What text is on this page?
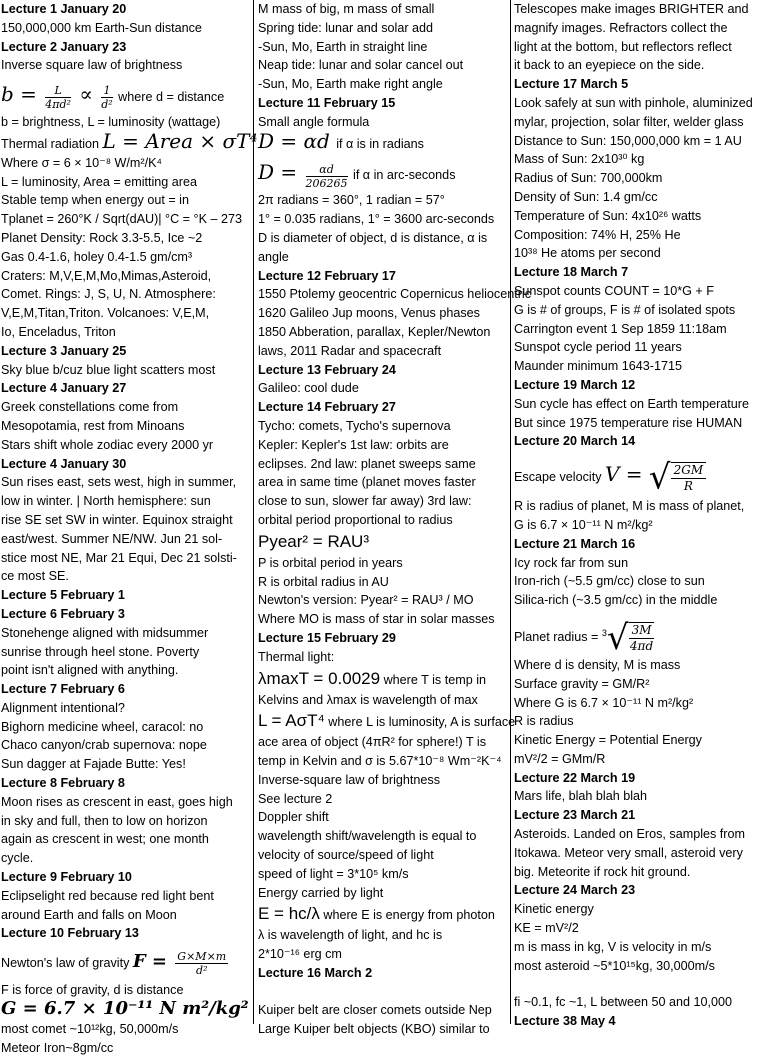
Lecture 1 January 20
150,000,000 km Earth-Sun distance
Lecture 2 January 23
Inverse square law of brightness
$b = \frac{L}{\text{4πd²}} \propto \frac{1}{\text{d²}}$ where d = distance
b = brightness, L = luminosity (wattage)
Thermal radiation L = Area × σT⁴
Where σ = 6 × 10⁻⁸ W/m²/K⁴
L = luminosity, Area = emitting area
Stable temp when energy out = in
Tplanet = 260°K / Sqrt(dAU)| °C = °K – 273
Planet Density: Rock 3.3-5.5, Ice ~2
Gas 0.4-1.6, holey 0.4-1.5 gm/cm³
Craters: M,V,E,M,Mo,Mimas,Asteroid,
Comet. Rings: J, S, U, N. Atmosphere:
V,E,M,Titan,Triton. Volcanoes: V,E,M,
Io, Enceladus, Triton
Lecture 3 January 25
Sky blue b/cuz blue light scatters most
Lecture 4 January 27
Greek constellations come from
Mesopotamia, rest from Minoans
Stars shift whole zodiac every 2000 yr
Lecture 4 January 30
Sun rises east, sets west, high in summer,
low in winter. | North hemisphere: sun
rise SE set SW in winter. Equinox straight
east/west. Summer NE/NW. Jun 21 sol-
stice most NE, Mar 21 Equi, Dec 21 solsti-
ce most SE.
Lecture 5 February 1
Lecture 6 February 3
Stonehenge aligned with midsummer
sunrise through heel stone. Poverty
point isn't aligned with anything.
Lecture 7 February 6
Alignment intentional?
Bighorn medicine wheel, caracol: no
Chaco canyon/crab supernova: nope
Sun dagger at Fajade Butte: Yes!
Lecture 8 February 8
Moon rises as crescent in east, goes high
in sky and full, then to low on horizon
again as crescent in west; one month
cycle.
Lecture 9 February 10
Eclipselight red because red light bent
around Earth and falls on Moon
Lecture 10 February 13
Newton's law of gravity $F = \frac{G\times M\times m}{\text{d²}}$
F is force of gravity, d is distance
G = 6.7 × 10⁻¹¹ N m²/kg²
most comet ~10¹²kg, 50,000m/s
Meteor Iron~8gm/cc
M mass of big, m mass of small
Spring tide: lunar and solar add
-Sun, Mo, Earth in straight line
Neap tide: lunar and solar cancel out
-Sun, Mo, Earth make right angle
Lecture 11 February 15
Small angle formula
D = αd if α is in radians
$D = \frac{\alpha d}{206265}$ if α in arc-seconds
2π radians = 360°, 1 radian = 57°
1° = 0.035 radians, 1° = 3600 arc-seconds
D is diameter of object, d is distance, α is
angle
Lecture 12 February 17
1550 Ptolemy geocentric Copernicus heliocentric
1620 Galileo Jup moons, Venus phases
1850 Abberation, parallax, Kepler/Newton
laws, 2011 Radar and spacecraft
Lecture 13 February 24
Galileo: cool dude
Lecture 14 February 27
Tycho: comets, Tycho's supernova
Kepler: Kepler's 1st law: orbits are
eclipses. 2nd law: planet sweeps same
area in same time (planet moves faster
close to sun, slower far away) 3rd law:
orbital period proportional to radius
Pyear² = RAU³
P is orbital period in years
R is orbital radius in AU
Newton's version: Pyear² = RAU³ / MO
Where MO is mass of star in solar masses
Lecture 15 February 29
Thermal light:
λmaxT = 0.0029 where T is temp in
Kelvins and λmax is wavelength of max
L = AσT⁴ where L is luminosity, A is surface
ace area of object (4πR² for sphere!) T is
temp in Kelvin and σ is 5.67*10⁻⁸ Wm⁻²K⁻⁴
Inverse-square law of brightness
See lecture 2
Doppler shift
wavelength shift/wavelength is equal to
velocity of source/speed of light
speed of light = 3*10⁵ km/s
Energy carried by light
E = hc/λ where E is energy from photon
λ is wavelength of light, and hc is
2*10⁻¹⁶ erg cm
Lecture 16 March 2
Kuiper belt are closer comets outside Nep
Large Kuiper belt objects (KBO) similar to
Telescopes make images BRIGHTER and
magnify images. Refractors collect the
light at the bottom, but reflectors reflect
it back to an eyepiece on the side.
Lecture 17 March 5
Look safely at sun with pinhole, aluminized
mylar, projection, solar filter, welder glass
Distance to Sun: 150,000,000 km = 1 AU
Mass of Sun: 2x10³⁰ kg
Radius of Sun: 700,000km
Density of Sun: 1.4 gm/cc
Temperature of Sun: 4x10²⁶ watts
Composition: 74% H, 25% He
10³⁸ He atoms per second
Lecture 18 March 7
Sunspot counts COUNT = 10*G + F
G is # of groups, F is # of isolated spots
Carrington event 1 Sep 1859 11:18am
Sunspot cycle period 11 years
Maunder minimum 1643-1715
Lecture 19 March 12
Sun cycle has effect on Earth temperature
But since 1975 temperature rise HUMAN
Lecture 20 March 14
Escape velocity V = √ $\frac{2GM}{R}$
R is radius of planet, M is mass of planet,
G is 6.7 × 10⁻¹¹ N m²/kg²
Lecture 21 March 16
Icy rock far from sun
Iron-rich (~5.5 gm/cc) close to sun
Silica-rich (~3.5 gm/cc) in the middle
Planet radius = $^3√ \frac{3M}{4\pi d}$
Where d is density, M is mass
Surface gravity = GM/R²
Where G is 6.7 × 10⁻¹¹ N m²/kg²
R is radius
Kinetic Energy = Potential Energy
mV²/2 = GMm/R
Lecture 22 March 19
Mars life, blah blah blah
Lecture 23 March 21
Asteroids. Landed on Eros, samples from
Itokawa. Meteor very small, asteroid very
big. Meteorite if rock hit ground.
Lecture 24 March 23
Kinetic energy
KE = mV²/2
m is mass in kg, V is velocity in m/s
most asteroid ~5*10¹⁵kg, 30,000m/s
fi ~0.1, fc ~1, L between 50 and 10,000
Lecture 38 May 4
